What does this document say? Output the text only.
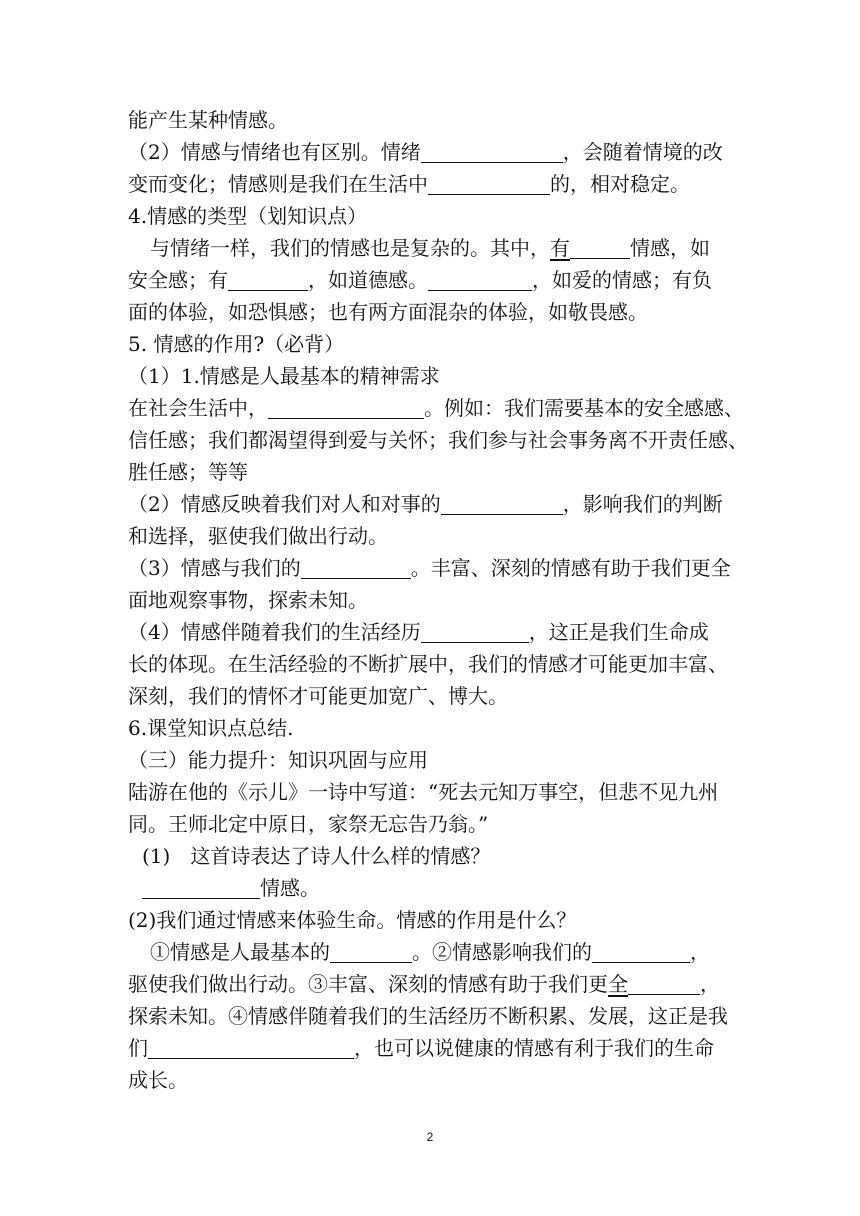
能产生某种情感。
（2）情感与情绪也有区别。情绪	，会随着情境的改
变而变化；情感则是我们在生活中	的，相对稳定。
4.情感的类型（划知识点）
与情绪一样，我们的情感也是复杂的。其中，有	情感，如
安全感；有	，如道德感。	，如爱的情感；有负
面的体验，如恐惧感；也有两方面混杂的体验，如敬畏感。
5. 情感的作用?（必背）
（1）1.情感是人最基本的精神需求
在社会生活中，	。例如：我们需要基本的安全感感、
信任感；我们都渴望得到爱与关怀；我们参与社会事务离不开责任感、
胜任感；等等
（2）情感反映着我们对人和对事的	，影响我们的判断
和选择，驱使我们做出行动。
（3）情感与我们的	。丰富、深刻的情感有助于我们更全
面地观察事物，探索未知。
（4）情感伴随着我们的生活经历	，这正是我们生命成
长的体现。在生活经验的不断扩展中，我们的情感才可能更加丰富、
深刻，我们的情怀才可能更加宽广、博大。
6.课堂知识点总结.
（三）能力提升：知识巩固与应用
陆游在他的《示儿》一诗中写道：“死去元知万事空，但悲不见九州
同。王师北定中原日，家祭无忘告乃翁。”
(1)　这首诗表达了诗人什么样的情感？
情感。
(2)我们通过情感来体验生命。情感的作用是什么？
①情感是人最基本的	。②情感影响我们的	，
驱使我们做出行动。③丰富、深刻的情感有助于我们更全	，
探索未知。④情感伴随着我们的生活经历不断积累、发展，这正是我
们	，也可以说健康的情感有利于我们的生命
成长。
2
